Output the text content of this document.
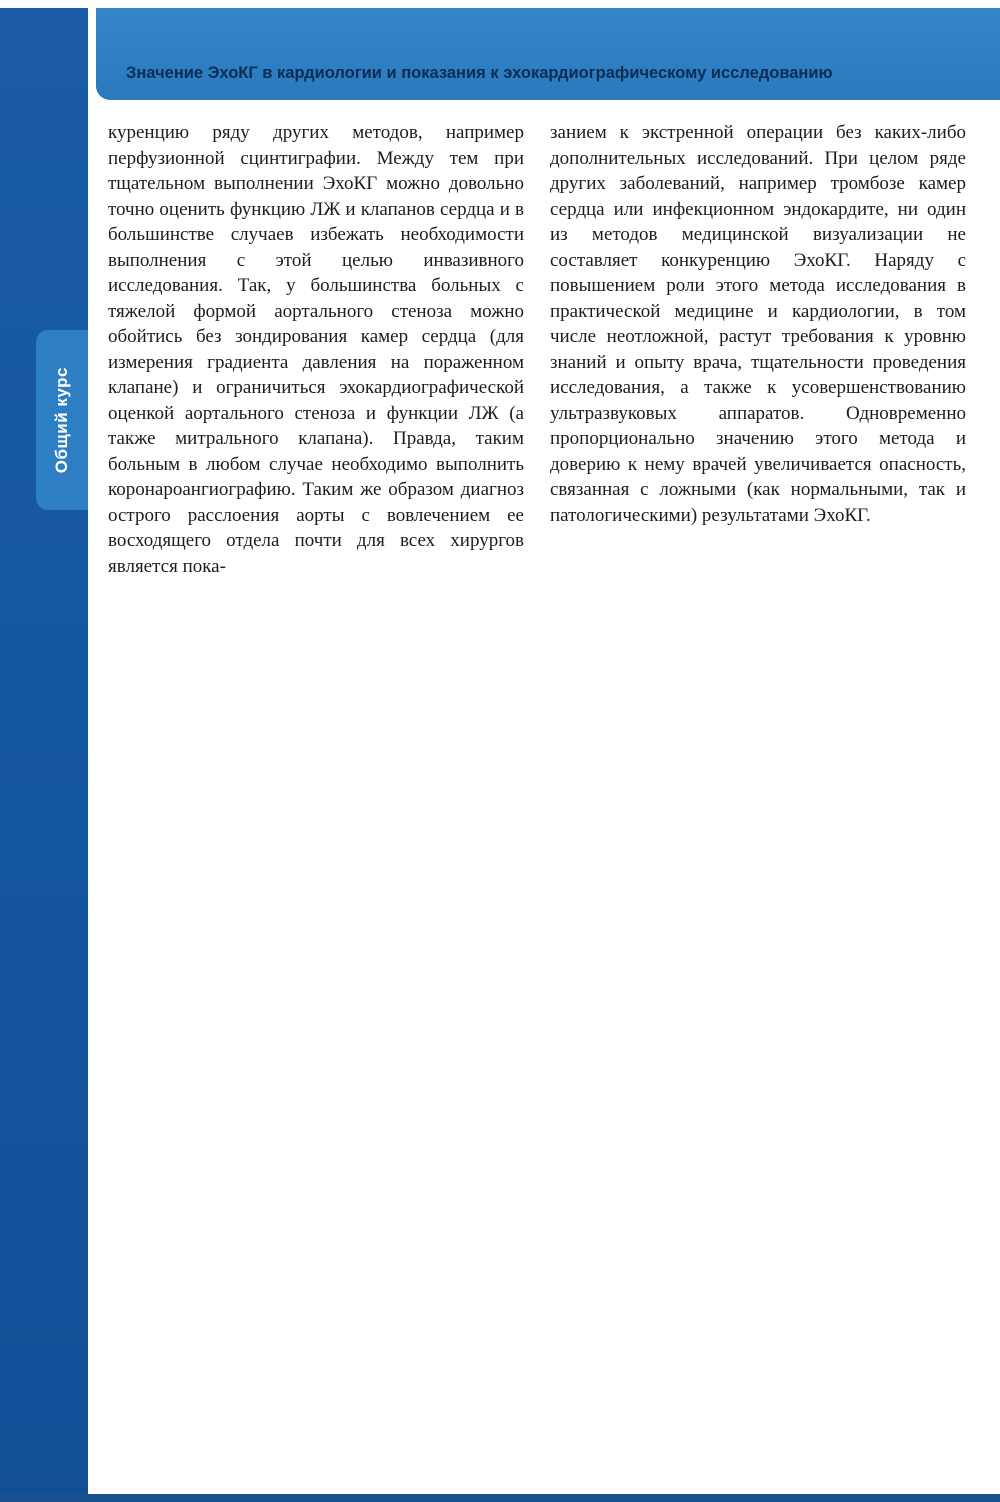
Общий курс
Значение ЭхоКГ в кардиологии и показания к эхокардиографическому исследованию
куренцию ряду других методов, например перфузионной сцинтиграфии. Между тем при тщательном выполнении ЭхоКГ можно довольно точно оценить функцию ЛЖ и клапанов сердца и в большинстве случаев избежать необходимости выполнения с этой целью инвазивного исследования. Так, у большинства больных с тяжелой формой аортального стеноза можно обойтись без зондирования камер сердца (для измерения градиента давления на пораженном клапане) и ограничиться эхокардиографической оценкой аортального стеноза и функции ЛЖ (а также митрального клапана). Правда, таким больным в любом случае необходимо выполнить коронароангиографию. Таким же образом диагноз острого расслоения аорты с вовлечением ее восходящего отдела почти для всех хирургов является пока-
занием к экстренной операции без каких-либо дополнительных исследований. При целом ряде других заболеваний, например тромбозе камер сердца или инфекционном эндокардите, ни один из методов медицинской визуализации не составляет конкуренцию ЭхоКГ. Наряду с повышением роли этого метода исследования в практической медицине и кардиологии, в том числе неотложной, растут требования к уровню знаний и опыту врача, тщательности проведения исследования, а также к усовершенствованию ультразвуковых аппаратов. Одновременно пропорционально значению этого метода и доверию к нему врачей увеличивается опасность, связанная с ложными (как нормальными, так и патологическими) результатами ЭхоКГ.
